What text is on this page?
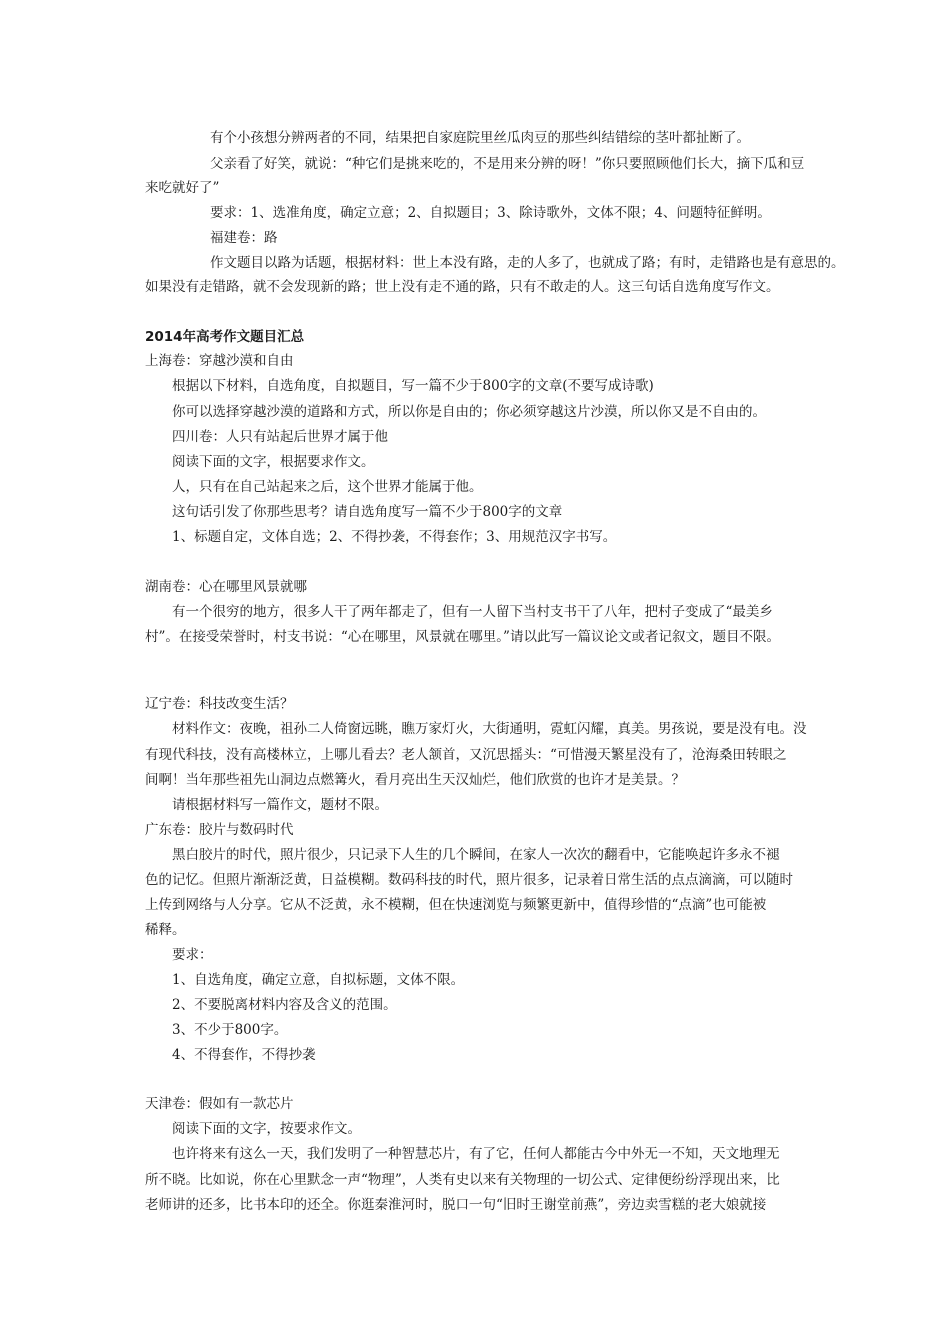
有个小孩想分辨两者的不同，结果把自家庭院里丝瓜肉豆的那些纠结错综的茎叶都扯断了。
父亲看了好笑，就说：“种它们是挑来吃的，不是用来分辨的呀！”你只要照顾他们长大，摘下瓜和豆
来吃就好了”
要求：1、选准角度，确定立意；2、自拟题目；3、除诗歌外，文体不限；4、问题特征鲜明。
福建卷：路
作文题目以路为话题，根据材料：世上本没有路，走的人多了，也就成了路；有时，走错路也是有意思的。
如果没有走错路，就不会发现新的路；世上没有走不通的路，只有不敢走的人。这三句话自选角度写作文。
2014年高考作文题目汇总
上海卷：穿越沙漠和自由
根据以下材料，自选角度，自拟题目，写一篇不少于800字的文章(不要写成诗歌)
你可以选择穿越沙漠的道路和方式，所以你是自由的；你必须穿越这片沙漠，所以你又是不自由的。
四川卷：人只有站起后世界才属于他
阅读下面的文字，根据要求作文。
人，只有在自己站起来之后，这个世界才能属于他。
这句话引发了你那些思考？请自选角度写一篇不少于800字的文章
1、标题自定，文体自选；2、不得抄袭，不得套作；3、用规范汉字书写。
湖南卷：心在哪里风景就哪
有一个很穷的地方，很多人干了两年都走了，但有一人留下当村支书干了八年，把村子变成了“最美乡
村”。在接受荣誉时，村支书说：“心在哪里，风景就在哪里。”请以此写一篇议论文或者记叙文，题目不限。
辽宁卷：科技改变生活？
材料作文：夜晚，祖孙二人倚窗远眺，瞧万家灯火，大街通明，霓虹闪耀，真美。男孩说，要是没有电。没
有现代科技，没有高楼林立，上哪儿看去？老人颔首，又沉思摇头：“可惜漫天繁星没有了，沧海桑田转眼之
间啊！当年那些祖先山洞边点燃篝火，看月亮出生天汉灿烂，他们欣赏的也许才是美景。？
请根据材料写一篇作文，题材不限。
广东卷：胶片与数码时代
黑白胶片的时代，照片很少，只记录下人生的几个瞬间，在家人一次次的翻看中，它能唤起许多永不褪
色的记忆。但照片渐渐泛黄，日益模糊。数码科技的时代，照片很多，记录着日常生活的点点滴滴，可以随时
上传到网络与人分享。它从不泛黄，永不模糊，但在快速浏览与频繁更新中，值得珍惜的“点滴”也可能被
稀释。
要求：
1、自选角度，确定立意，自拟标题，文体不限。
2、不要脱离材料内容及含义的范围。
3、不少于800字。
4、不得套作，不得抄袭
天津卷：假如有一款芯片
阅读下面的文字，按要求作文。
也许将来有这么一天，我们发明了一种智慧芯片，有了它，任何人都能古今中外无一不知，天文地理无
所不晓。比如说，你在心里默念一声“物理”，人类有史以来有关物理的一切公式、定律便纷纷浮现出来，比
老师讲的还多，比书本印的还全。你逛秦淮河时，脱口一句“旧时王谢堂前燕”，旁边卖雪糕的老大娘就接
